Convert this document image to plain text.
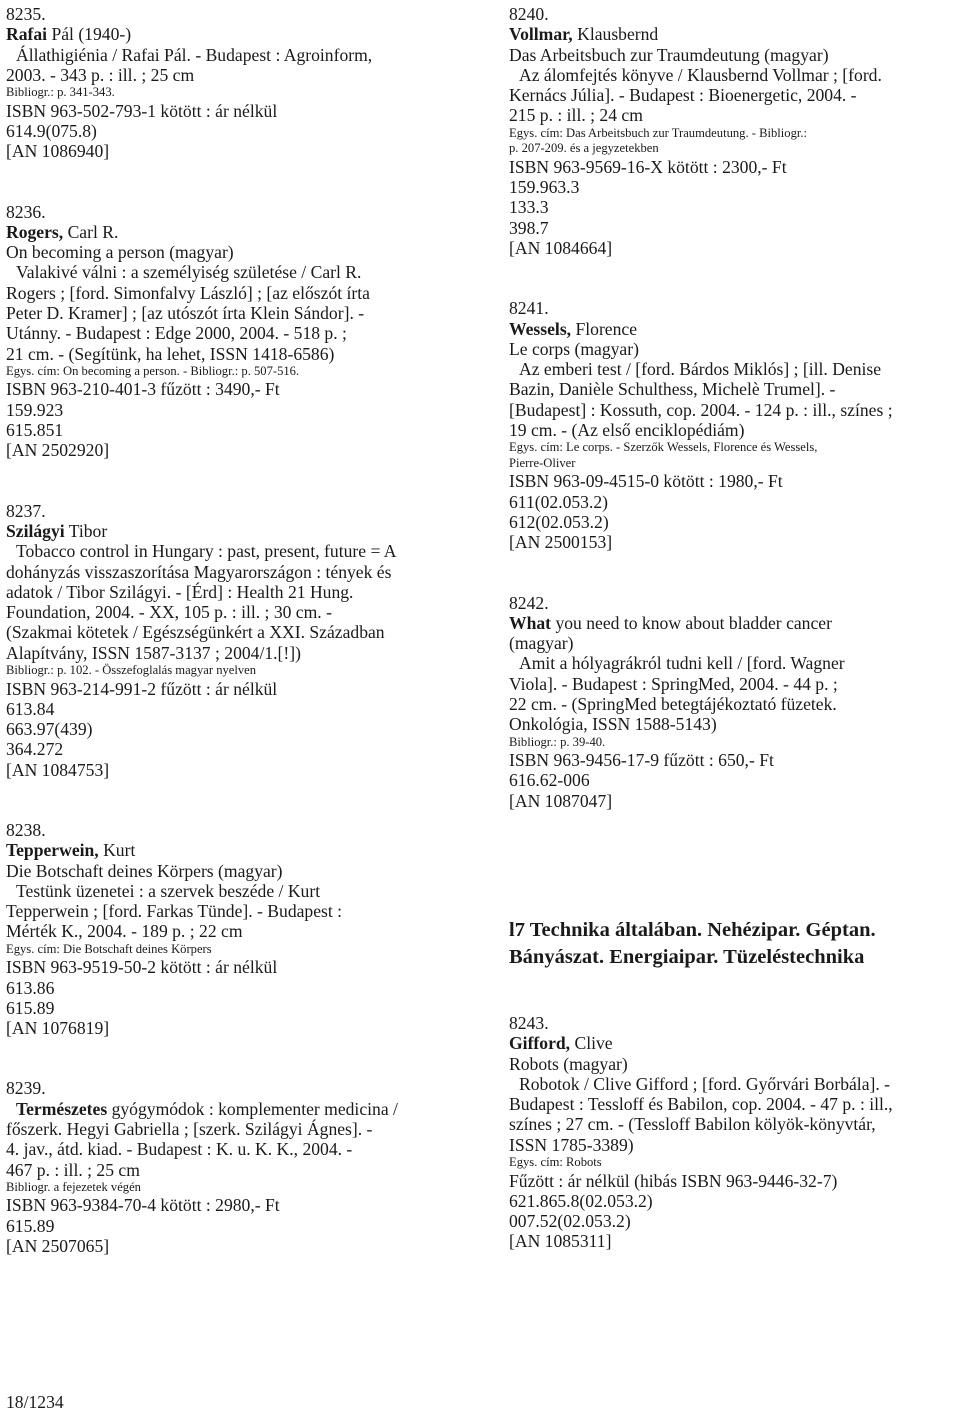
8235.
Rafai Pál (1940-)
Állathigiénia / Rafai Pál. - Budapest : Agroinform,
2003. - 343 p. : ill. ; 25 cm
Bibliogr.: p. 341-343.
ISBN 963-502-793-1 kötött : ár nélkül
614.9(075.8)
[AN 1086940]
8236.
Rogers, Carl R.
On becoming a person (magyar)
Valakivé válni : a személyiség születése / Carl R.
Rogers ; [ford. Simonfalvy László] ; [az előszót írta
Peter D. Kramer] ; [az utószót írta Klein Sándor]. -
Utánny. - Budapest : Edge 2000, 2004. - 518 p. ;
21 cm. - (Segítünk, ha lehet, ISSN 1418-6586)
Egys. cím: On becoming a person. - Bibliogr.: p. 507-516.
ISBN 963-210-401-3 fűzött : 3490,- Ft
159.923
615.851
[AN 2502920]
8237.
Szilágyi Tibor
Tobacco control in Hungary : past, present, future = A
dohányzás visszaszorítása Magyarországon : tények és
adatok / Tibor Szilágyi. - [Érd] : Health 21 Hung.
Foundation, 2004. - XX, 105 p. : ill. ; 30 cm. -
(Szakmai kötetek / Egészségünkért a XXI. Században
Alapítvány, ISSN 1587-3137 ; 2004/1.[!])
Bibliogr.: p. 102. - Összefoglalás magyar nyelven
ISBN 963-214-991-2 fűzött : ár nélkül
613.84
663.97(439)
364.272
[AN 1084753]
8238.
Tepperwein, Kurt
Die Botschaft deines Körpers (magyar)
Testünk üzenetei : a szervek beszéde / Kurt
Tepperwein ; [ford. Farkas Tünde]. - Budapest :
Mérték K., 2004. - 189 p. ; 22 cm
Egys. cím: Die Botschaft deines Körpers
ISBN 963-9519-50-2 kötött : ár nélkül
613.86
615.89
[AN 1076819]
8239.
Természetes gyógymódok : komplementer medicina /
főszerk. Hegyi Gabriella ; [szerk. Szilágyi Ágnes]. -
4. jav., átd. kiad. - Budapest : K. u. K. K., 2004. -
467 p. : ill. ; 25 cm
Bibliogr. a fejezetek végén
ISBN 963-9384-70-4 kötött : 2980,- Ft
615.89
[AN 2507065]
8240.
Vollmar, Klausbernd
Das Arbeitsbuch zur Traumdeutung (magyar)
Az álomfejtés könyve / Klausbernd Vollmar ; [ford.
Kernács Júlia]. - Budapest : Bioenergetic, 2004. -
215 p. : ill. ; 24 cm
Egys. cím: Das Arbeitsbuch zur Traumdeutung. - Bibliogr.:
p. 207-209. és a jegyzetekben
ISBN 963-9569-16-X kötött : 2300,- Ft
159.963.3
133.3
398.7
[AN 1084664]
8241.
Wessels, Florence
Le corps (magyar)
Az emberi test / [ford. Bárdos Miklós] ; [ill. Denise
Bazin, Danièle Schulthess, Michelè Trumel]. -
[Budapest] : Kossuth, cop. 2004. - 124 p. : ill., színes ;
19 cm. - (Az első enciklopédiám)
Egys. cím: Le corps. - Szerzők Wessels, Florence és Wessels,
Pierre-Oliver
ISBN 963-09-4515-0 kötött : 1980,- Ft
611(02.053.2)
612(02.053.2)
[AN 2500153]
8242.
What you need to know about bladder cancer
(magyar)
Amit a hólyagrákról tudni kell / [ford. Wagner
Viola]. - Budapest : SpringMed, 2004. - 44 p. ;
22 cm. - (SpringMed betegtájékoztató füzetek.
Onkológia, ISSN 1588-5143)
Bibliogr.: p. 39-40.
ISBN 963-9456-17-9 fűzött : 650,- Ft
616.62-006
[AN 1087047]
l7 Technika általában. Nehézipar. Géptan.
Bányászat. Energiaipar. Tüzeléstechnika
8243.
Gifford, Clive
Robots (magyar)
Robotok / Clive Gifford ; [ford. Győrvári Borbála]. -
Budapest : Tessloff és Babilon, cop. 2004. - 47 p. : ill.,
színes ; 27 cm. - (Tessloff Babilon kölyök-könyvtár,
ISSN 1785-3389)
Egys. cím: Robots
Fűzött : ár nélkül (hibás ISBN 963-9446-32-7)
621.865.8(02.053.2)
007.52(02.053.2)
[AN 1085311]
18/1234
